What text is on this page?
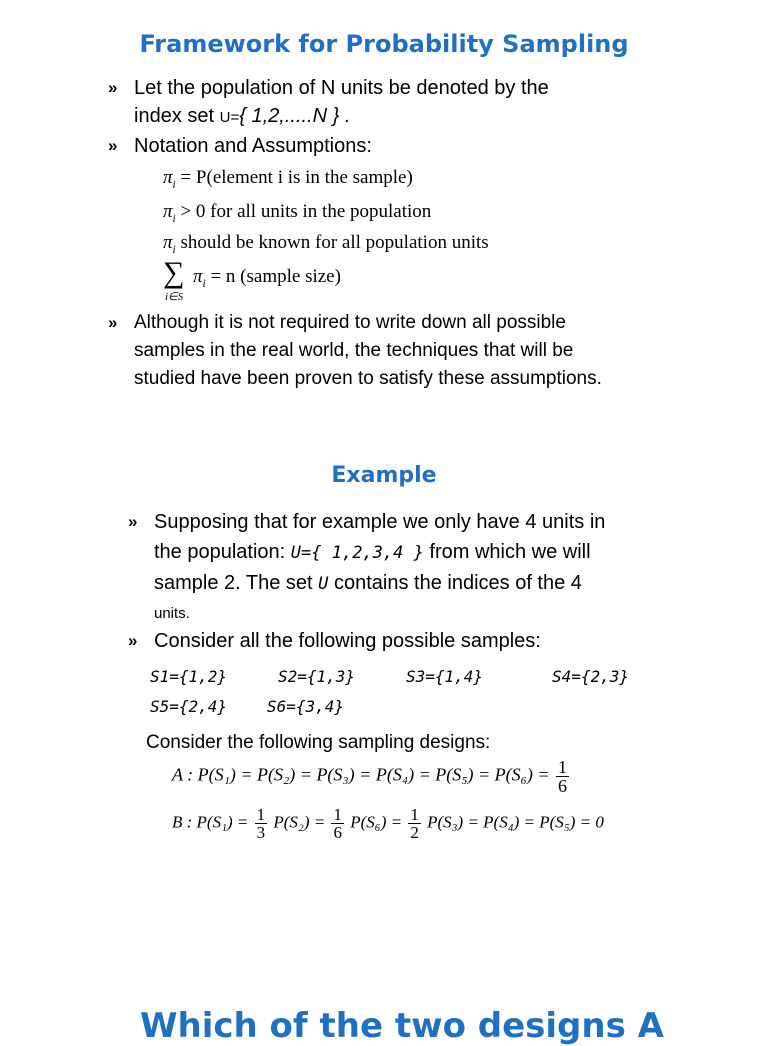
Framework for Probability Sampling
» Let the population of N units be denoted by the
index set U={ 1,2,.....N } .
» Notation and Assumptions:
$\pi_i$ = P(element i is in the sample)
$\pi_i > 0$ for all units in the population
$\pi_i$ should be known for all population units
∑
i∈S
$\pi_i = n$ (sample size)
» Although it is not required to write down all possible
samples in the real world, the techniques that will be
studied have been proven to satisfy these assumptions.
Example
» Supposing that for example we only have 4 units in
the population: U={ 1,2,3,4 } from which we will
sample 2. The set U contains the indices of the 4
units.
» Consider all the following possible samples:
S1={1,2}	S2={1,3}	S3={1,4}	S4={2,3}
S5={2,4} S6={3,4}
Consider the following sampling designs:
A : $P(S_1) = P(S_2) = P(S_3) = P(S_4) = P(S_5) = P(S_6) = \frac{1}{6}$
B : $P(S_1) = \frac{1}{3} P(S_2) = \frac{1}{6} P(S_6) = \frac{1}{2} P(S_3) = P(S_4) = P(S_5) = 0$
Which of the two designs A
